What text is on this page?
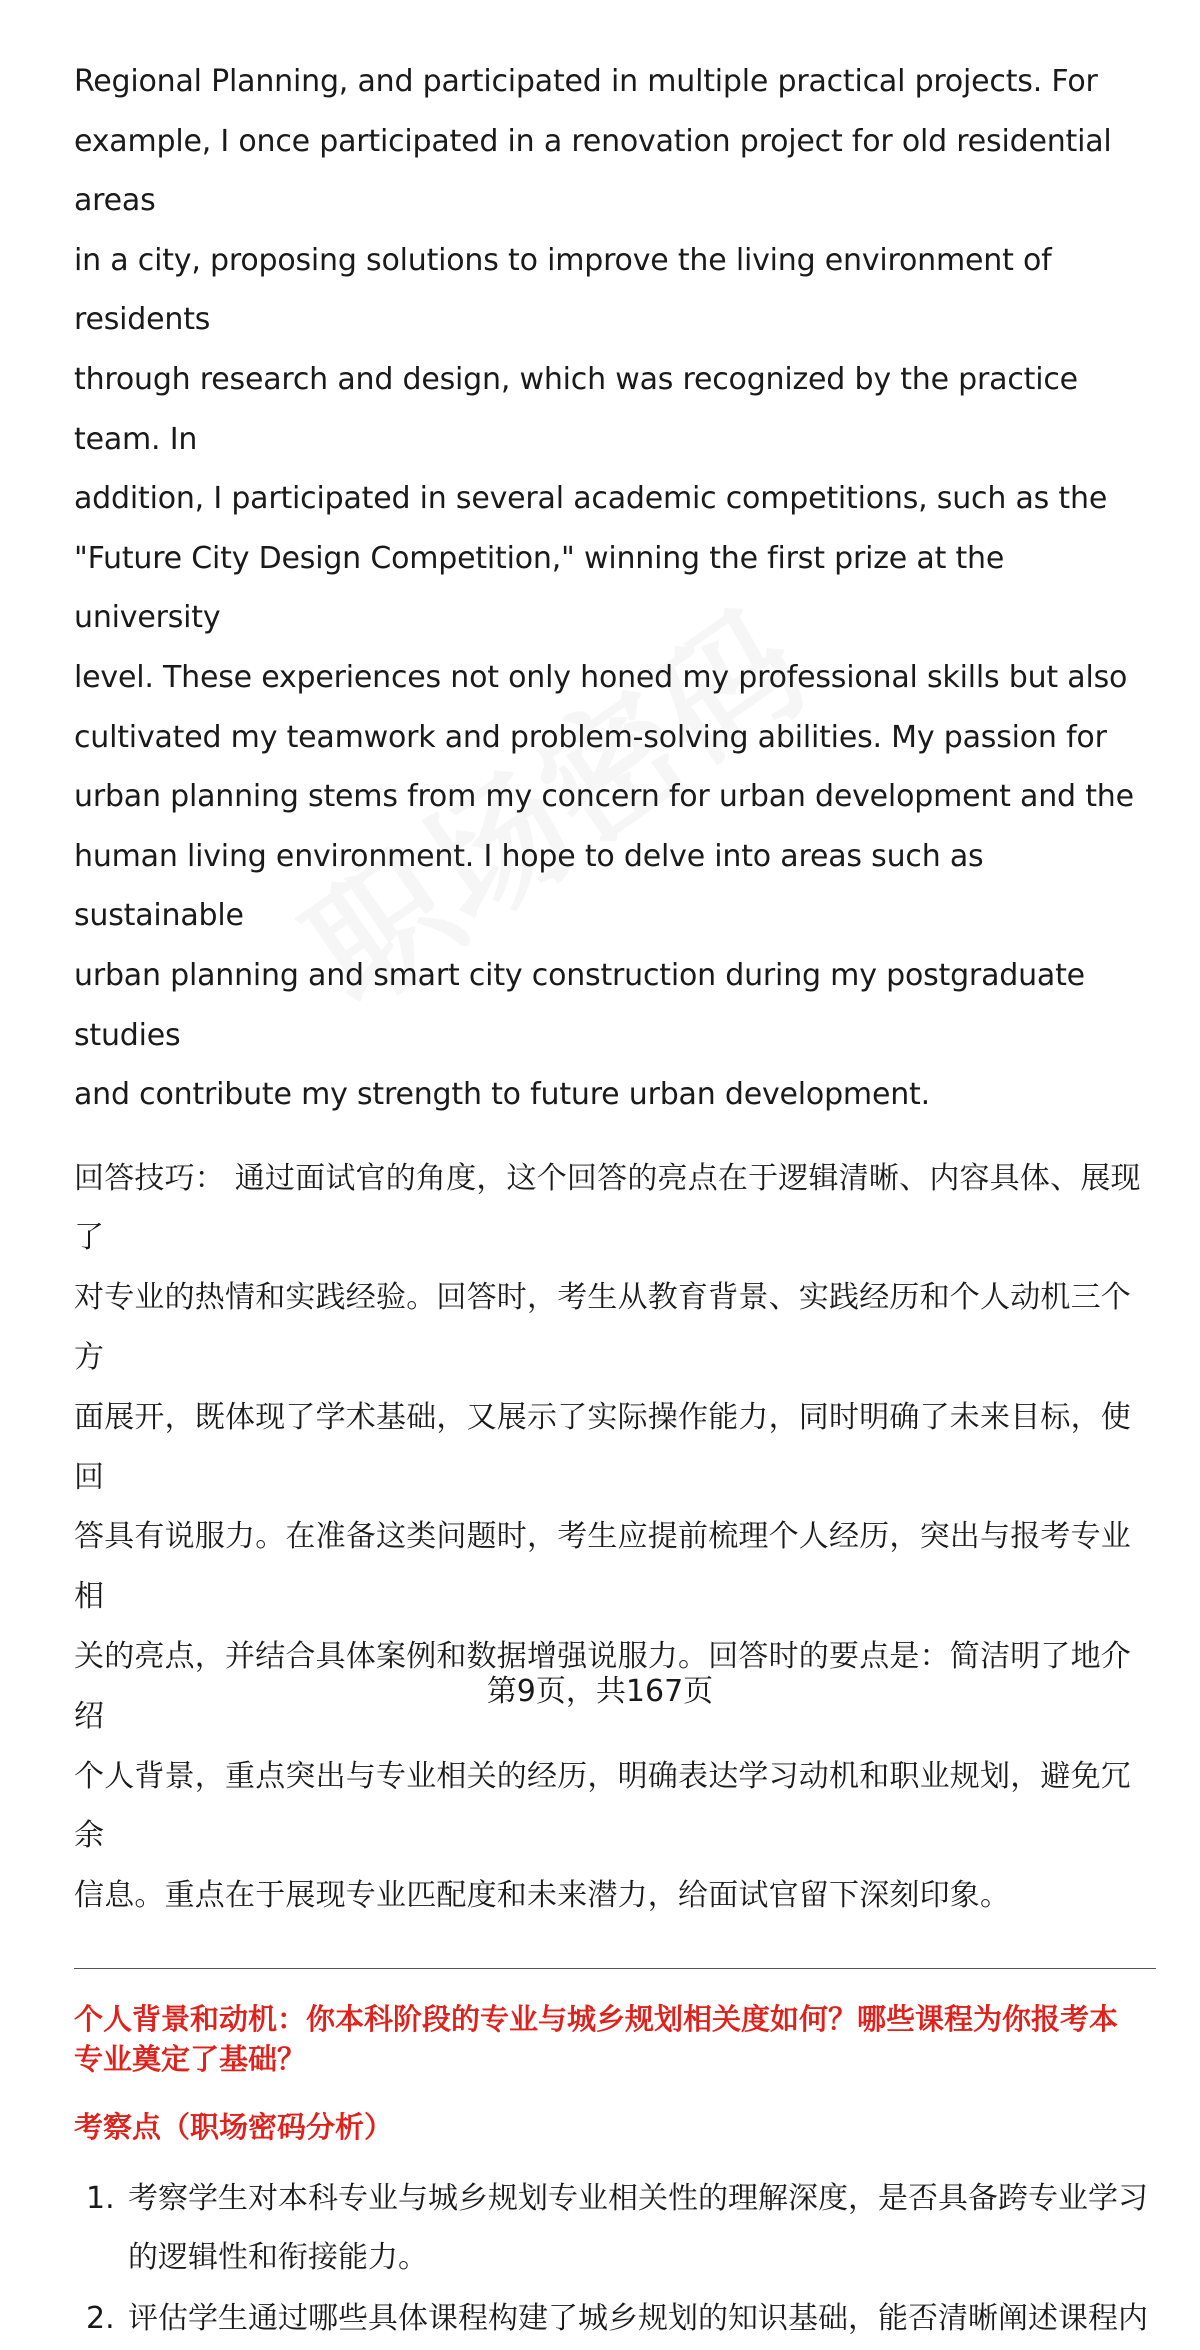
Regional Planning, and participated in multiple practical projects. For
example, I once participated in a renovation project for old residential areas
in a city, proposing solutions to improve the living environment of residents
through research and design, which was recognized by the practice team. In
addition, I participated in several academic competitions, such as the
"Future City Design Competition," winning the first prize at the university
level. These experiences not only honed my professional skills but also
cultivated my teamwork and problem-solving abilities. My passion for
urban planning stems from my concern for urban development and the
human living environment. I hope to delve into areas such as sustainable
urban planning and smart city construction during my postgraduate studies
and contribute my strength to future urban development.

回答技巧： 通过面试官的角度，这个回答的亮点在于逻辑清晰、内容具体、展现了
对专业的热情和实践经验。回答时，考生从教育背景、实践经历和个人动机三个方
面展开，既体现了学术基础，又展示了实际操作能力，同时明确了未来目标，使回
答具有说服力。在准备这类问题时，考生应提前梳理个人经历，突出与报考专业相
关的亮点，并结合具体案例和数据增强说服力。回答时的要点是：简洁明了地介绍
个人背景，重点突出与专业相关的经历，明确表达学习动机和职业规划，避免冗余
信息。重点在于展现专业匹配度和未来潜力，给面试官留下深刻印象。

个人背景和动机：你本科阶段的专业与城乡规划相关度如何？哪些课程为你报考本
专业奠定了基础？

考察点（职场密码分析）

1. 考察学生对本科专业与城乡规划专业相关性的理解深度，是否具备跨专业学习
的逻辑性和衔接能力。
2. 评估学生通过哪些具体课程构建了城乡规划的知识基础，能否清晰阐述课程内
第9页，共167页
